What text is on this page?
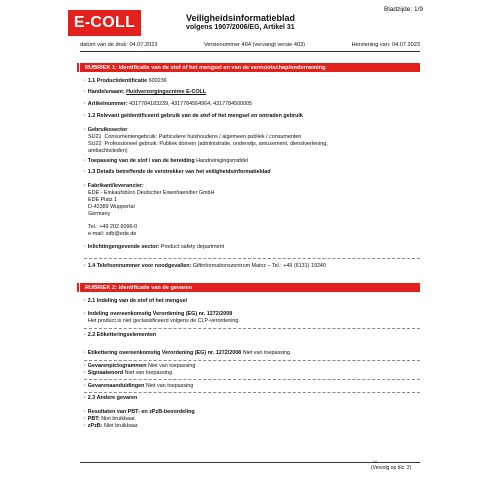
E-COLL	Veiligheidsinformatieblad
volgens 1907/2006/EG, Artikel 31
Bladzijde: 1/9
datum van de druk: 04.07.2023	Versienummer 404 (vervangt versie 403)	Herziening van: 04.07.2023
RUBRIEK 1: Identificatie van de stof of het mengsel en van de vennootschap/onderneming
· 1.1 Productidentificatie 600236
· Handelsnaam: Huidverzorgingscrème E-COLL
· Artikelnummer: 4317784183239, 4317784564964, 4317784500005
· 1.2 Relevant geïdentificeerd gebruik van de stof of het mengsel en ontraden gebruik
· Gebruikssector
SU21 Consumentengebruik: Particuliere huishoudens / algemeen publiek / consumenten
SU22 Professioneel gebruik: Publiek domein (administratie, onderwijs, amusement, dienstverlening,
ambachtslieden)
· Toepassing van de stof / van de bereiding Handreinigingsmiddel
· 1.3 Details betreffende de verstrekker van het veiligheidsinformatieblad
· Fabrikant/leverancier:
EDE - Einkaufsbüro Deutscher Eisenhaendler GmbH
EDE Platz 1
D-42389 Wuppertal
Germany
Tel.: +49 202 6096-0
e-mail: sdb@ede.de
· Inlichtingengevende sector: Product safety department
· 1.4 Telefoonnummer voor noodgevallen: Giftinformationszentrum Mainz – Tel.: +49 (6131) 19240
RUBRIEK 2: Identificatie van de gevaren
· 2.1 Indeling van de stof of het mengsel
· Indeling overeenkomstig Verordening (EG) nr. 1272/2008
Het product is niet geclassificeerd volgens de CLP-verordening.
· 2.2 Etiketteringselementen
· Etikettering overeenkomstig Verordening (EG) nr. 1272/2008 Niet van toepassing
· Gevarenpictogrammen Niet van toepassing
· Signaalwoord Niet van toepassing
· Gevarenaanduidingen Niet van toepassing
· 2.3 Andere gevaren
· Resultaten van PBT- en zPzB-beoordeling
· PBT: Niet bruikbaar.
· zPzB: Niet bruikbaar.
NL
(Vervolg op blz. 2)
